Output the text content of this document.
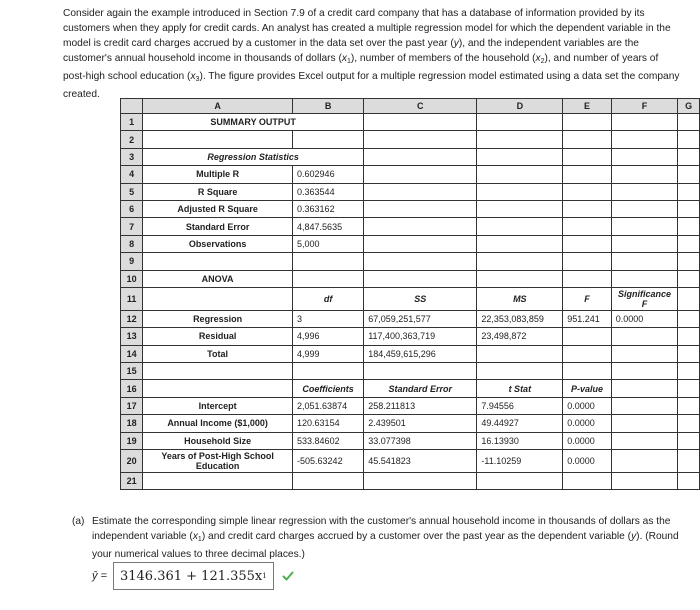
Consider again the example introduced in Section 7.9 of a credit card company that has a database of information provided by its customers when they apply for credit cards. An analyst has created a multiple regression model for which the dependent variable in the model is credit card charges accrued by a customer in the data set over the past year (y), and the independent variables are the customer's annual household income in thousands of dollars $(x_1)$, number of members of the household $(x_2)$, and number of years of post-high school education $(x_3)$. The figure provides Excel output for a multiple regression model estimated using a data set the company created.

	A	B	C	D	E	F	G
1	SUMMARY OUTPUT						
2							
3	Regression Statistics						
4	Multiple R	0.602946					
5	R Square	0.363544					
6	Adjusted R Square	0.363162					
7	Standard Error	4,847.5635					
8	Observations	5,000					
9							
10	ANOVA						
11		df	SS	MS	F	Significance F	
12	Regression	3	67,059,251,577	22,353,083,859	951.241	0.0000	
13	Residual	4,996	117,400,363,719	23,498,872			
14	Total	4,999	184,459,615,296				
15							
16		Coefficients	Standard Error	t Stat	P-value		
17	Intercept	2,051.63874	258.211813	7.94556	0.0000		
18	Annual Income ($1,000)	120.63154	2.439501	49.44927	0.0000		
19	Household Size	533.84602	33.077398	16.13930	0.0000		
20	Years of Post-High School Education	-505.63242	45.541823	-11.10259	0.0000		
21							
(a) Estimate the corresponding simple linear regression with the customer's annual household income in thousands of dollars as the independent variable $(x_1)$ and credit card charges accrued by a customer over the past year as the dependent variable (y). (Round your numerical values to three decimal places.)
ŷ = 3146.361 + 121.355x 1
